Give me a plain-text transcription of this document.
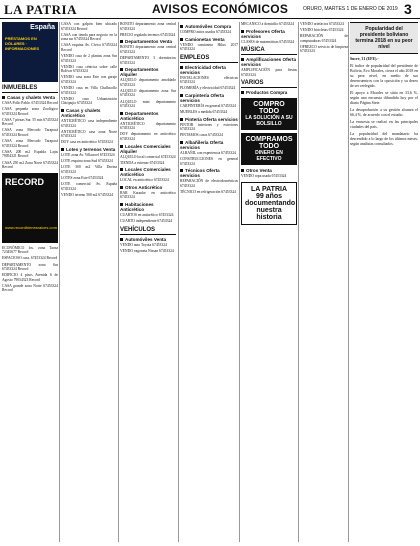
LA PATRIA	AVISOS ECONÓMICOS	ORURO, MARTES 1 DE ENERO DE 2019 3
España
PRÉSTAMOS EN DÓLARES · INFORMACIONES
INMUEBLES
Casas y chalets Venta
CASA Pollo Pablo. 67453324 Record
CASA pequeña zona Zoológico 67453324 Record
CASA 7 piezas Sur. 55 mts 67453324 Record
CASA zona Mercado Tarapacá 67453324 Record
CASA zona Mercado Tarapacá 67453324 Record
CASA 200 m2 Espalda Lajas 79054321 Record
CASA 250 m2 Zona Norte 67453324 Record
RECORD
www.recordbienesraices.com
ECONÓMICO los. zona Tacna 72345677 Record
ESPACIOSO casa. 67453324 Record
DEPARTAMENTO zona Sur 67453324 Record
EDIFICIO 4 pisos Avenida 6 de Agosto 79054323 Record
CASA grande zona Norte 67453324 Record
GASA con galpón bien ubicado 67453324 Record
CASA con tienda para negocio en la zona sur 67453324 Record
CASA esquina Av. Cívica 67453324 Record
VENDO casa de 2 plantas zona Sur 67453324
VENDO casa céntrica sobre calle Bolívar 67453324
VENDO casa zona Este con garaje 67453324
VENDO casa en Villa Challacollo 67453324
VENDO casa Urbanización Chiripujio 67453324
Casas y chalets Anticrético
ANTICRÉTICO casa independiente 67453324
ANTICRÉTICO casa zona Norte 67453324
DOY casa en anticrético 67453324
Lotes y terrenos Venta
LOTE zona Av. Villarroel 67453324
LOTE esquina zona Sud 67453324
LOTE 300 m2 Villa Dorina 67453324
LOTES zona Este 67453324
LOTE comercial Av. España 67453324
VENDO terreno 500 m2 67453324
BONITO departamento zona central 67453324
PRECIO regalado terrenos 67453324
Departamentos Venta
BONITO departamento zona central 67453324
DEPARTAMENTO 3 dormitorios 67453324
Departamentos Alquiler
ALQUILO departamento amoblado 67453324
ALQUILO departamento zona Sur 67453324
ALQUILO mini departamento 67453324
Departamentos Anticrético
ANTICRÉTICO departamento 67453324
DOY departamento en anticrético 67453324
Locales Comerciales Alquiler
ALQUILO local comercial 67453324
TIENDA a estrenar 67453324
Locales Comerciales Anticrético
LOCAL en anticrético 67453324
Otros Anticrético
BAR Karaoke en anticrético 67453324
Habitaciones Anticrético
CUARTOS en anticrético 67453324
CUARTO independiente 67453324
VEHÍCULOS
Automóviles Venta
VENDO auto Toyota 67453324
VENDO vagoneta Nissan 67453324
Automóviles Compra
COMPRO autos usados 67453324
Camionetas Venta
VENDO camioneta Hilux 2017 67453324
EMPLEOS
Electricidad Oferta servicios
INSTALACIONES eléctricas 67453324
PLOMERÍA y electricidad 67453324
Carpintería Oferta servicios
CARPINTERÍA en general 67453324
MUEBLES a medida 67453324
Pintería Oferta servicios
PINTOR interiores y exteriores 67453324
PINTAMOS casas 67453324
Albañilería Oferta servicios
ALBAÑIL con experiencia 67453324
CONSTRUCCIONES en general 67453324
Técnicos Oferta servicios
REPARACIÓN de electrodomésticos 67453324
TÉCNICO en refrigeración 67453324
MECÁNICO a domicilio 67453324
Profesores Oferta servicios
CLASES de matemáticas 67453324
MÚSICA
Amplificaciones Oferta servicios
AMPLIFICACIÓN para fiestas 67453324
VARIOS
Productos Compra
COMPRO TODO
LA SOLUCIÓN A SU BOLSILLO
COMPRAMOS TODO
DINERO EN EFECTIVO
Otros Venta
VENDO ropa usada 67453324
LA PATRIA
99 años
documentando
nuestra historia
VENDO artefactos 67453324
VENDO bicicletas 67453324
REPARACIÓN de computadoras 67453324
OFREZCO servicio de limpieza 67453324
Popularidad del presidente boliviano termina 2018 en su peor nivel

Sucre, 31 (EFE).-

El índice de popularidad del presidente de Bolivia, Evo Morales, cierra el año 2018 en su peor nivel, en medio de sus desencuentros con la oposición y su deseo de ser reelegido.

El apoyo a Morales se sitúa en 33,6 %, según una encuesta difundida hoy por el diario Página Siete.

La desaprobación a su gestión alcanza el 66,4 %, de acuerdo con el estudio.

La encuesta se realizó en las principales ciudades del país.

La popularidad del mandatario ha descendido a lo largo de los últimos meses, según analistas consultados.
